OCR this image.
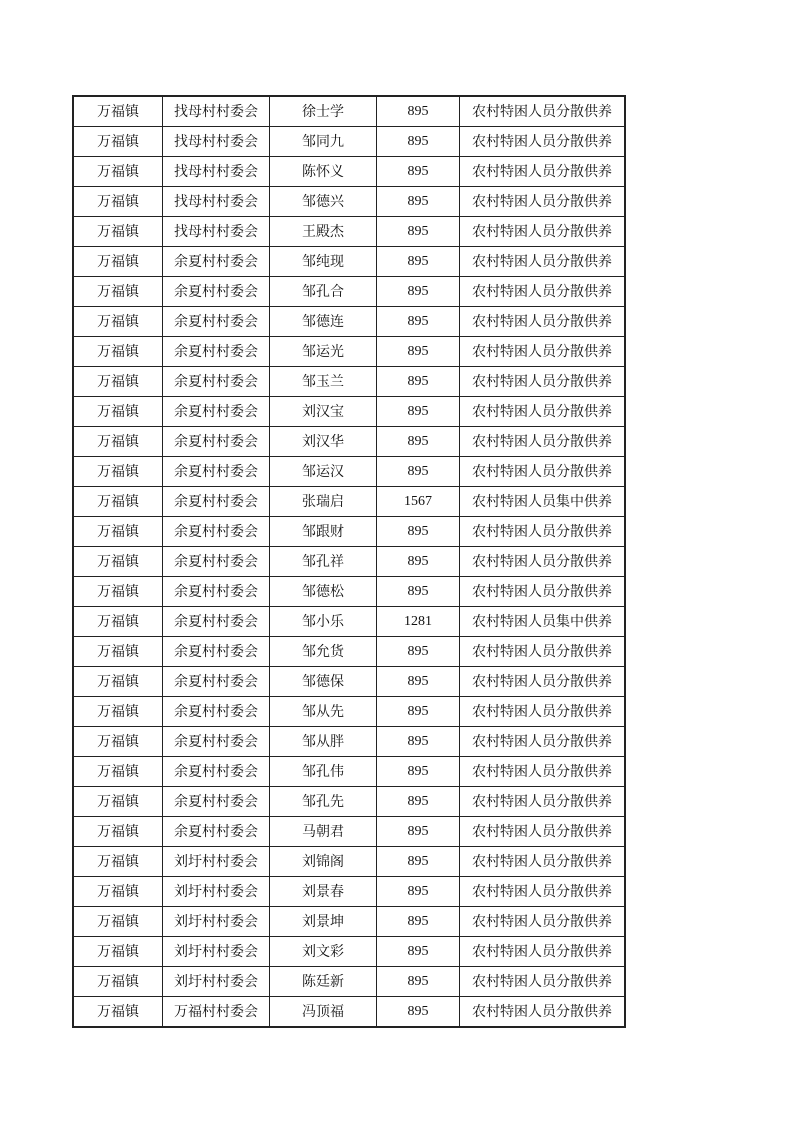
万福镇	找母村村委会	徐士学	895	农村特困人员分散供养
万福镇	找母村村委会	邹同九	895	农村特困人员分散供养
万福镇	找母村村委会	陈怀义	895	农村特困人员分散供养
万福镇	找母村村委会	邹德兴	895	农村特困人员分散供养
万福镇	找母村村委会	王殿杰	895	农村特困人员分散供养
万福镇	余夏村村委会	邹纯现	895	农村特困人员分散供养
万福镇	余夏村村委会	邹孔合	895	农村特困人员分散供养
万福镇	余夏村村委会	邹德连	895	农村特困人员分散供养
万福镇	余夏村村委会	邹运光	895	农村特困人员分散供养
万福镇	余夏村村委会	邹玉兰	895	农村特困人员分散供养
万福镇	余夏村村委会	刘汉宝	895	农村特困人员分散供养
万福镇	余夏村村委会	刘汉华	895	农村特困人员分散供养
万福镇	余夏村村委会	邹运汉	895	农村特困人员分散供养
万福镇	余夏村村委会	张瑞启	1567	农村特困人员集中供养
万福镇	余夏村村委会	邹跟财	895	农村特困人员分散供养
万福镇	余夏村村委会	邹孔祥	895	农村特困人员分散供养
万福镇	余夏村村委会	邹德松	895	农村特困人员分散供养
万福镇	余夏村村委会	邹小乐	1281	农村特困人员集中供养
万福镇	余夏村村委会	邹允货	895	农村特困人员分散供养
万福镇	余夏村村委会	邹德保	895	农村特困人员分散供养
万福镇	余夏村村委会	邹从先	895	农村特困人员分散供养
万福镇	余夏村村委会	邹从胖	895	农村特困人员分散供养
万福镇	余夏村村委会	邹孔伟	895	农村特困人员分散供养
万福镇	余夏村村委会	邹孔先	895	农村特困人员分散供养
万福镇	余夏村村委会	马朝君	895	农村特困人员分散供养
万福镇	刘圩村村委会	刘锦阁	895	农村特困人员分散供养
万福镇	刘圩村村委会	刘景春	895	农村特困人员分散供养
万福镇	刘圩村村委会	刘景坤	895	农村特困人员分散供养
万福镇	刘圩村村委会	刘文彩	895	农村特困人员分散供养
万福镇	刘圩村村委会	陈廷新	895	农村特困人员分散供养
万福镇	万福村村委会	冯顶福	895	农村特困人员分散供养
